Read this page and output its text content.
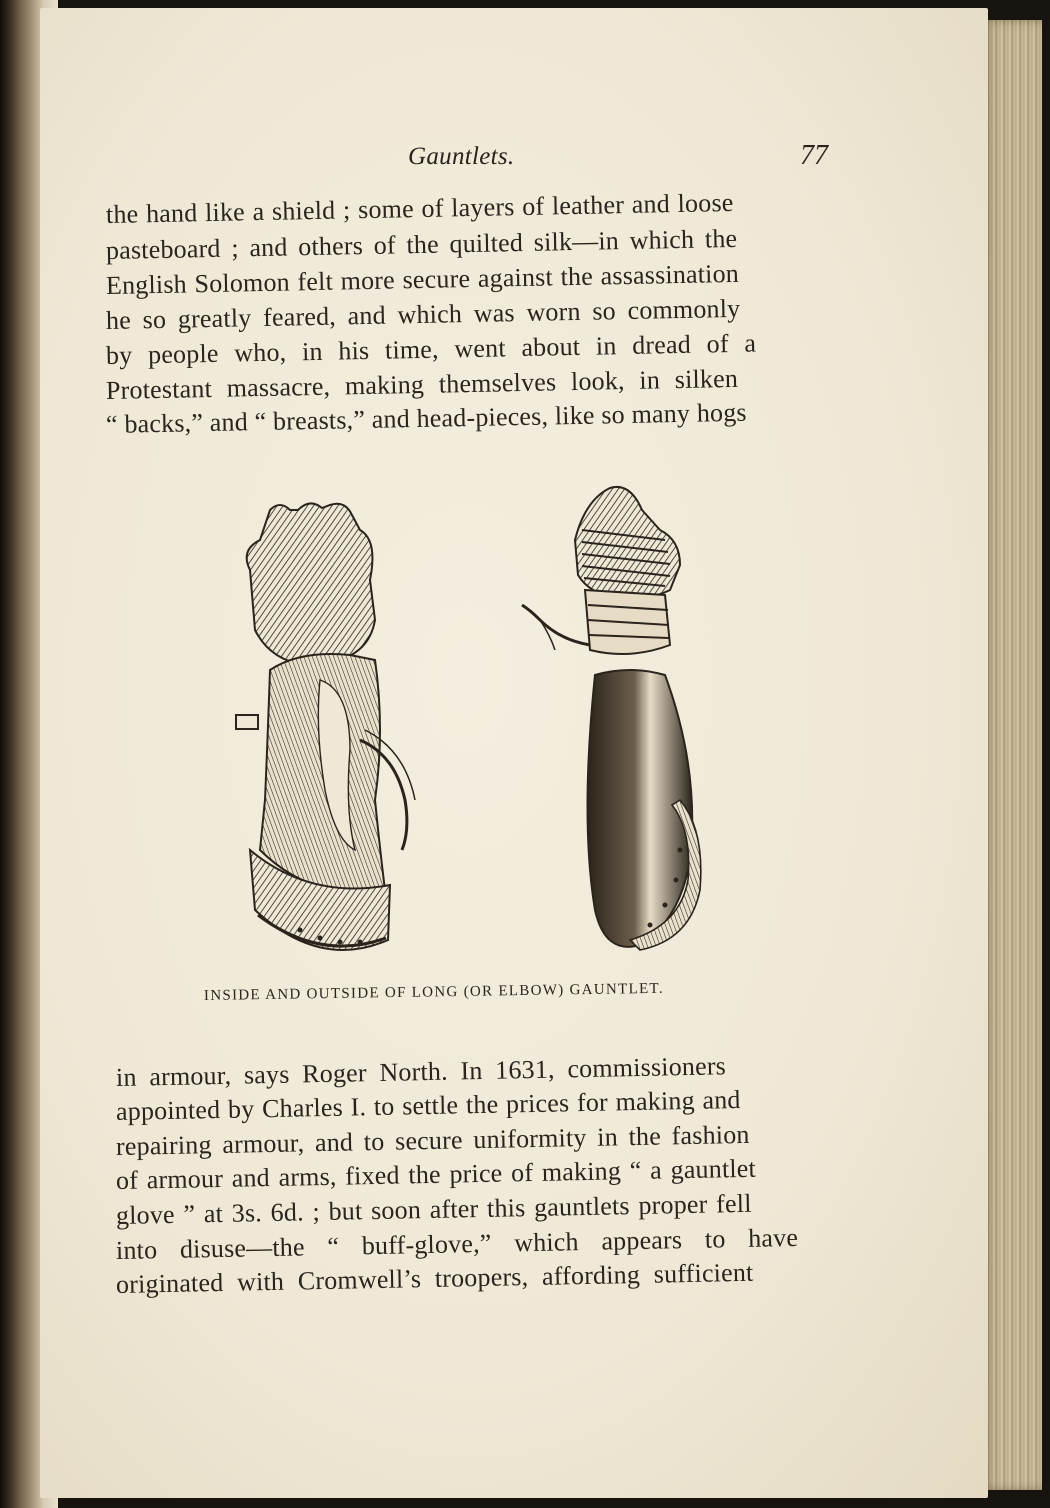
Gauntlets.	77
the hand like a shield ; some of layers of leather and loose
pasteboard ; and others of the quilted silk—in which the
English Solomon felt more secure against the assassination
he so greatly feared, and which was worn so commonly
by people who, in his time, went about in dread of a
Protestant massacre, making themselves look, in silken
“ backs,” and “ breasts,” and head-pieces, like so many hogs
INSIDE AND OUTSIDE OF LONG (OR ELBOW) GAUNTLET.
in armour, says Roger North. In 1631, commissioners
appointed by Charles I. to settle the prices for making and
repairing armour, and to secure uniformity in the fashion
of armour and arms, fixed the price of making “ a gauntlet
glove ” at 3s. 6d. ; but soon after this gauntlets proper fell
into disuse—the “ buff-glove,” which appears to have
originated with Cromwell’s troopers, affording sufficient
